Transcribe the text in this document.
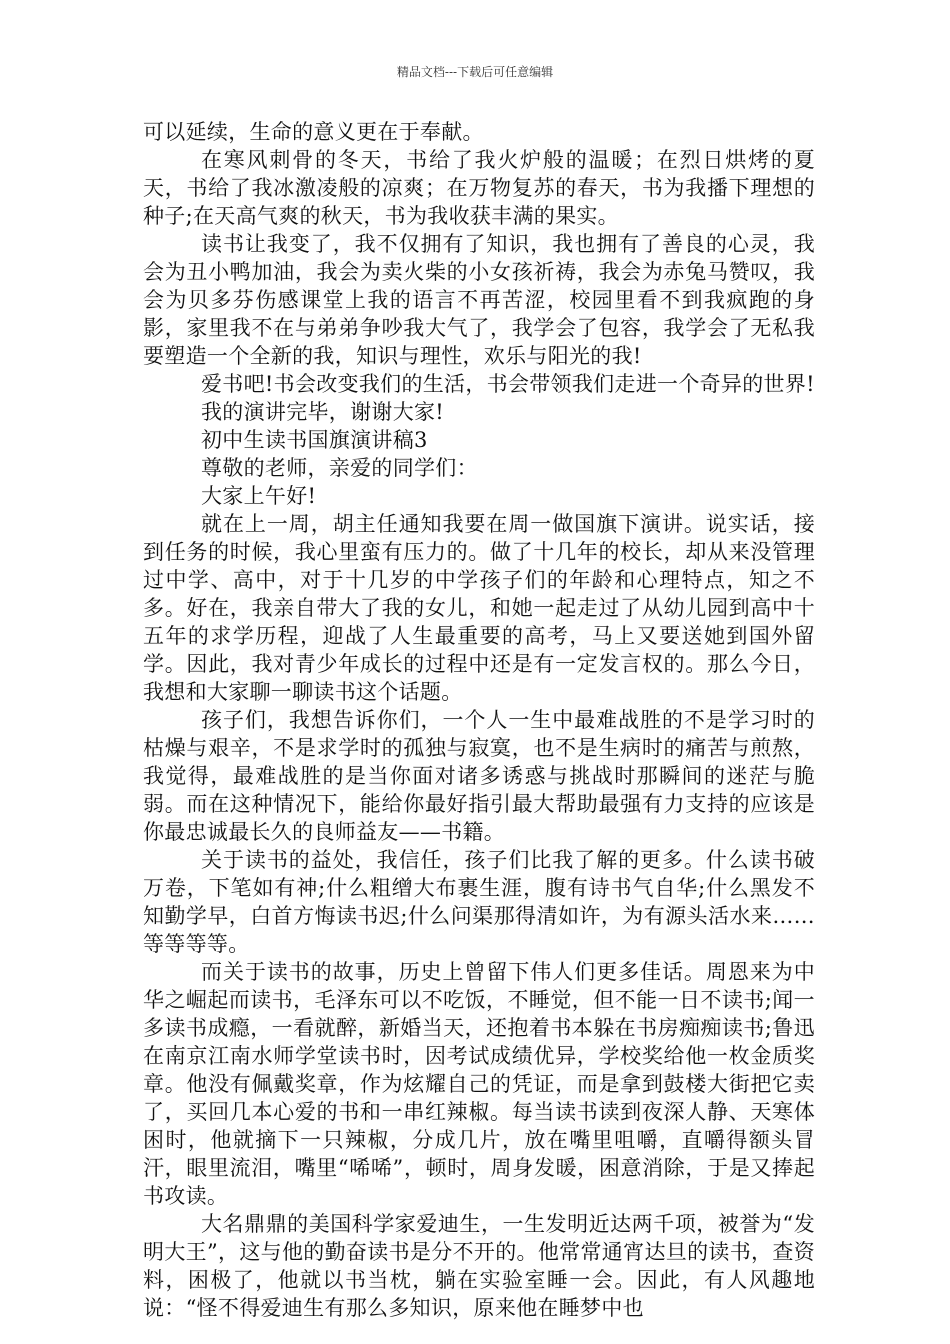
精品文档---下载后可任意编辑

可以延续，生命的意义更在于奉献。

在寒风刺骨的冬天，书给了我火炉般的温暖；在烈日烘烤的夏天，书给了我冰激凌般的凉爽；在万物复苏的春天，书为我播下理想的种子;在天高气爽的秋天，书为我收获丰满的果实。

读书让我变了，我不仅拥有了知识，我也拥有了善良的心灵，我会为丑小鸭加油，我会为卖火柴的小女孩祈祷，我会为赤兔马赞叹，我会为贝多芬伤感课堂上我的语言不再苦涩，校园里看不到我疯跑的身影，家里我不在与弟弟争吵我大气了，我学会了包容，我学会了无私我要塑造一个全新的我，知识与理性，欢乐与阳光的我!

爱书吧!书会改变我们的生活，书会带领我们走进一个奇异的世界!

我的演讲完毕，谢谢大家!

初中生读书国旗演讲稿3

尊敬的老师，亲爱的同学们：

大家上午好!

就在上一周，胡主任通知我要在周一做国旗下演讲。说实话，接到任务的时候，我心里蛮有压力的。做了十几年的校长，却从来没管理过中学、高中，对于十几岁的中学孩子们的年龄和心理特点，知之不多。好在，我亲自带大了我的女儿，和她一起走过了从幼儿园到高中十五年的求学历程，迎战了人生最重要的高考，马上又要送她到国外留学。因此，我对青少年成长的过程中还是有一定发言权的。那么今日，我想和大家聊一聊读书这个话题。

孩子们，我想告诉你们，一个人一生中最难战胜的不是学习时的枯燥与艰辛，不是求学时的孤独与寂寞，也不是生病时的痛苦与煎熬，我觉得，最难战胜的是当你面对诸多诱惑与挑战时那瞬间的迷茫与脆弱。而在这种情况下，能给你最好指引最大帮助最强有力支持的应该是你最忠诚最长久的良师益友——书籍。

关于读书的益处，我信任，孩子们比我了解的更多。什么读书破万卷，下笔如有神;什么粗缯大布裹生涯，腹有诗书气自华;什么黑发不知勤学早，白首方悔读书迟;什么问渠那得清如许，为有源头活水来……等等等等。

而关于读书的故事，历史上曾留下伟人们更多佳话。周恩来为中华之崛起而读书，毛泽东可以不吃饭，不睡觉，但不能一日不读书;闻一多读书成瘾，一看就醉，新婚当天，还抱着书本躲在书房痴痴读书;鲁迅在南京江南水师学堂读书时，因考试成绩优异，学校奖给他一枚金质奖章。他没有佩戴奖章，作为炫耀自己的凭证，而是拿到鼓楼大街把它卖了，买回几本心爱的书和一串红辣椒。每当读书读到夜深人静、天寒体困时，他就摘下一只辣椒，分成几片，放在嘴里咀嚼，直嚼得额头冒汗，眼里流泪，嘴里“唏唏”，顿时，周身发暖，困意消除，于是又捧起书攻读。

大名鼎鼎的美国科学家爱迪生，一生发明近达两千项，被誉为“发明大王”，这与他的勤奋读书是分不开的。他常常通宵达旦的读书，查资料，困极了，他就以书当枕，躺在实验室睡一会。因此，有人风趣地说：“怪不得爱迪生有那么多知识，原来他在睡梦中也
